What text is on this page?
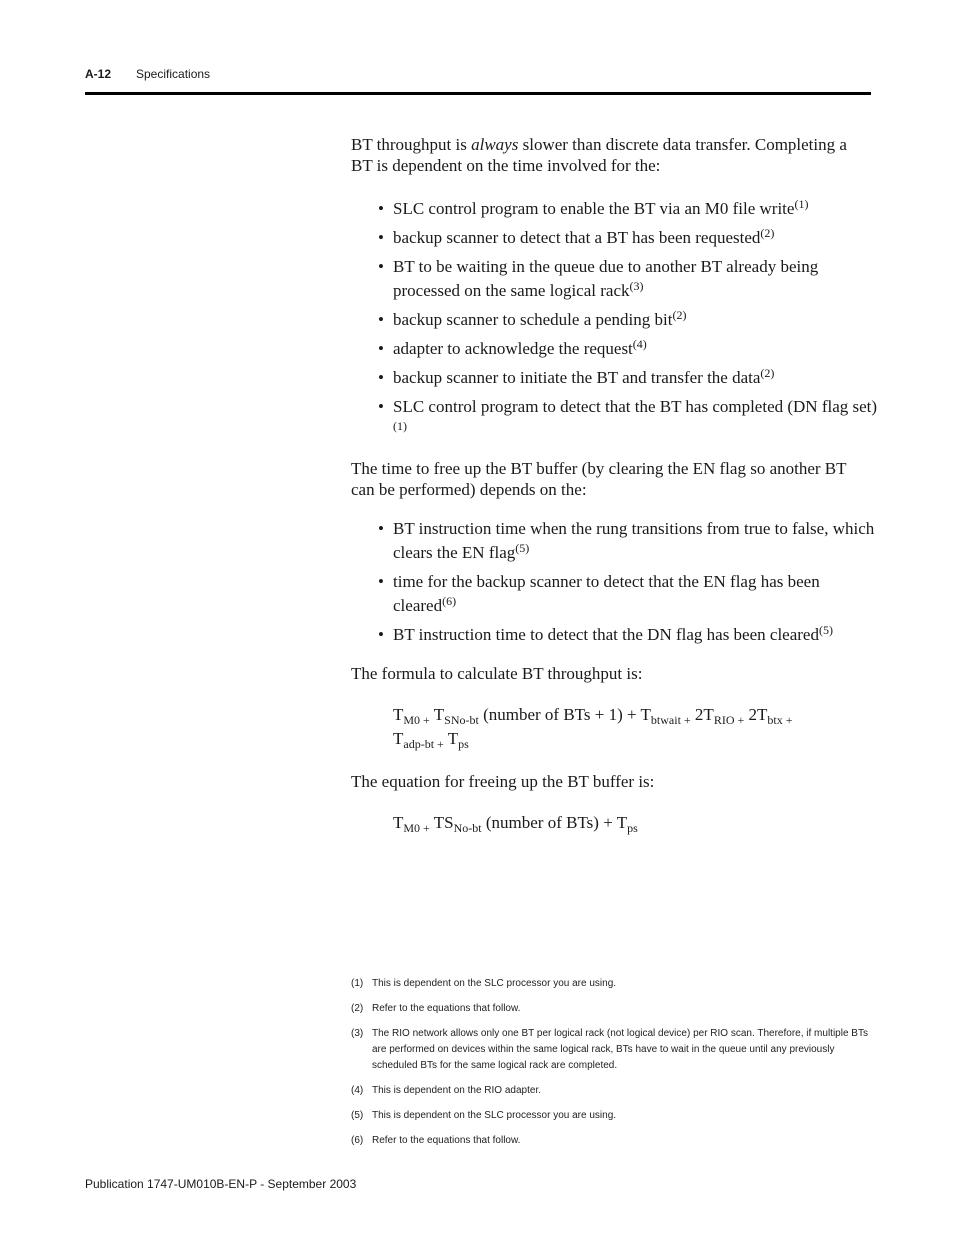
A-12 Specifications
BT throughput is always slower than discrete data transfer. Completing a BT is dependent on the time involved for the:
• SLC control program to enable the BT via an M0 file write$^{(1)}$
• backup scanner to detect that a BT has been requested$^{(2)}$
• BT to be waiting in the queue due to another BT already being processed on the same logical rack$^{(3)}$
• backup scanner to schedule a pending bit$^{(2)}$
• adapter to acknowledge the request$^{(4)}$
• backup scanner to initiate the BT and transfer the data$^{(2)}$
• SLC control program to detect that the BT has completed (DN flag set)$^{(1)}$
The time to free up the BT buffer (by clearing the EN flag so another BT can be performed) depends on the:
• BT instruction time when the rung transitions from true to false, which clears the EN flag$^{(5)}$
• time for the backup scanner to detect that the EN flag has been cleared$^{(6)}$
• BT instruction time to detect that the DN flag has been cleared$^{(5)}$
The formula to calculate BT throughput is:
$T_{M0 +}$ $T_{SNo-bt}$ (number of BTs + $1) + T_{btwait +}$ $2T_{RIO +}$ $2T_{btx +}$
$T_{adp-bt +}$ $T_{ps}$
The equation for freeing up the BT buffer is:
$T_{M0 +}$ $TS_{No-bt}$ (number of $BTs) + T_{ps}$
(1) This is dependent on the SLC processor you are using.
(2) Refer to the equations that follow.
(3) The RIO network allows only one BT per logical rack (not logical device) per RIO scan. Therefore, if multiple BTs are performed on devices within the same logical rack, BTs have to wait in the queue until any previously scheduled BTs for the same logical rack are completed.
(4) This is dependent on the RIO adapter.
(5) This is dependent on the SLC processor you are using.
(6) Refer to the equations that follow.
Publication 1747-UM010B-EN-P - September 2003
